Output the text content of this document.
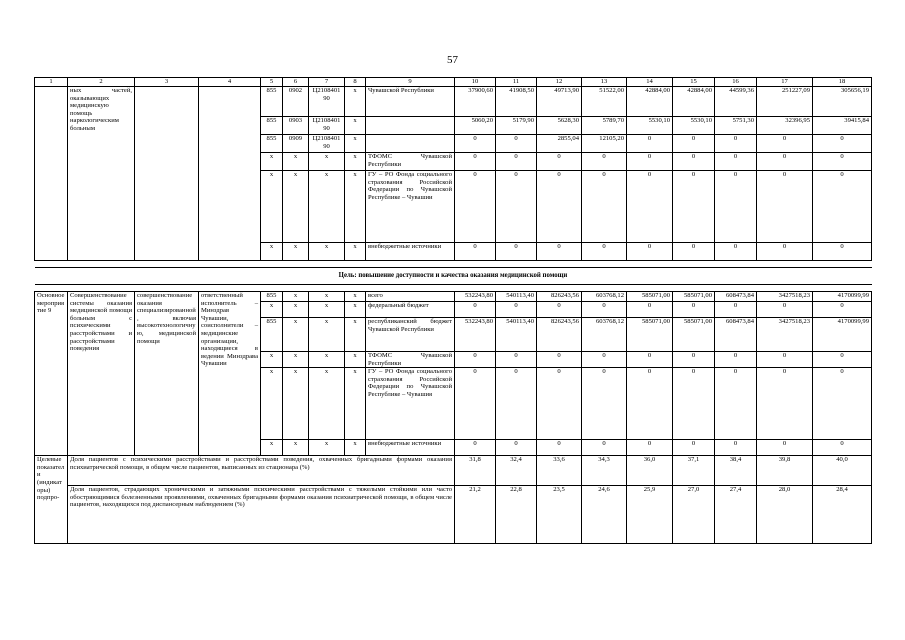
57
1	2	3	4	5	6	7	8	9	10	11	12	13	14	15	16	17	18
	ных частей, оказывающих медицинскую помощь наркологическим больным			855	0902	Ц2108401 90	x	Чувашской Республики	37900,60	41908,50	49713,90	51522,00	42884,00	42884,00	44599,36	251227,09	305656,19
				855	0903	Ц2108401 90	x		5060,20	5179,90	5628,30	5789,70	5530,10	5530,10	5751,30	32396,95	39415,84
				855	0909	Ц2108401 90	x		0	0	2855,04	12105,20	0	0	0	0	0
				x	x	x	x	ТФОМС Чувашской Республики	0	0	0	0	0	0	0	0	0
				x	x	x	x	ГУ – РО Фонда социального страхования Российской Федерации по Чувашской Республике – Чувашии	0	0	0	0	0	0	0	0	0
				x	x	x	x	внебюджетные источники	0	0	0	0	0	0	0	0	0

Цель: повышение доступности и качества оказания медицинской помощи																	

Основное мероприятие 9	Совершенствование системы оказания медицинской помощи больным с психическими расстройствами и расстройствами поведения	совершенствование оказания специализированной, включая высокотехнологичную, медицинской помощи	ответственный исполнитель – Минздрав Чувашии, соисполнители – медицинские организации, находящиеся в ведении Минздрава Чувашии	855	x	x	x	всего	532243,80	540113,40	826243,56	603768,12	585071,00	585071,00	608473,84	3427518,23	4170099,99
				x	x	x	x	федеральный бюджет	0	0	0	0	0	0	0	0	0
				855	x	x	x	республиканский бюджет Чувашской Республики	532243,80	540113,40	826243,56	603768,12	585071,00	585071,00	608473,84	3427518,23	4170099,99
				x	x	x	x	ТФОМС Чувашской Республики	0	0	0	0	0	0	0	0	0
				x	x	x	x	ГУ – РО Фонда социального страхования Российской Федерации по Чувашской Республике – Чувашия	0	0	0	0	0	0	0	0	0
				x	x	x	x	внебюджетные источники	0	0	0	0	0	0	0	0	0
Целевые показатели (индикаторы) подпро-	Доля пациентов с психическими расстройствами и расстройствами поведения, охваченных бригадными формами оказания психиатрической помощи, в общем числе пациентов, выписанных из стационара (%)								31,8	32,4	33,6	34,3	36,0	37,1	38,4	39,8	40,0
	Доля пациентов, страдающих хроническими и затяжными психическими расстройствами с тяжелыми стойкими или часто обостряющимися болезненными проявлениями, охваченных бригадными формами оказания психиатрической помощи, в общем числе пациентов, находящихся под диспансерным наблюдением (%)								21,2	22,8	23,5	24,6	25,9	27,0	27,4	28,0	28,4
